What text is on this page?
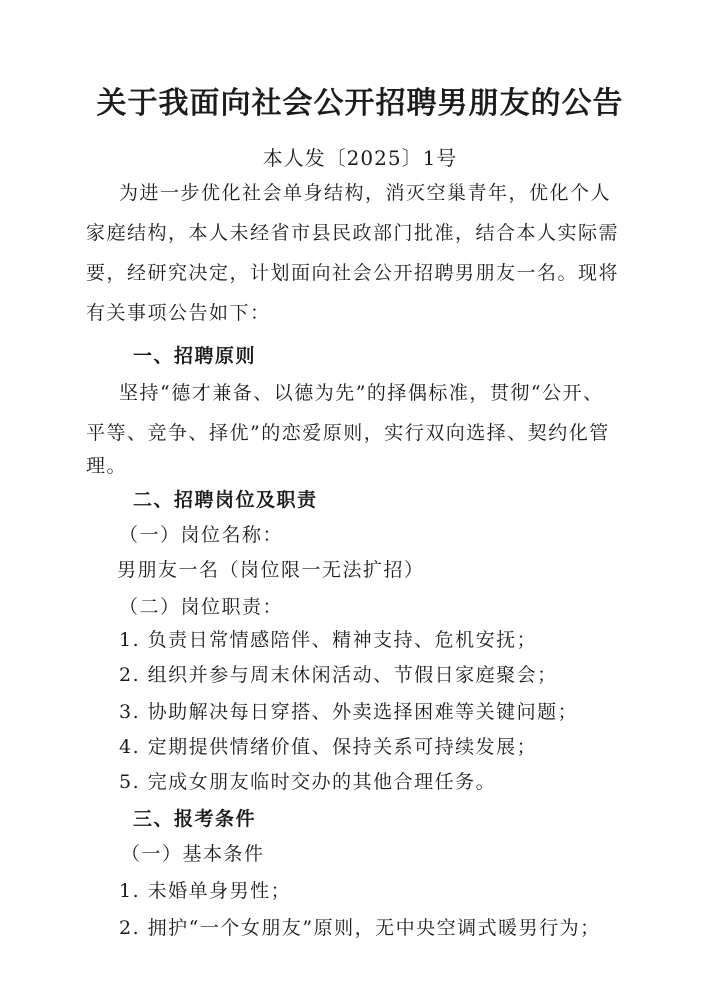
关于我面向社会公开招聘男朋友的公告
本人发〔2025〕1号
为进一步优化社会单身结构，消灭空巢青年，优化个人
家庭结构，本人未经省市县民政部门批准，结合本人实际需
要，经研究决定，计划面向社会公开招聘男朋友一名。现将
有关事项公告如下：
一、招聘原则
坚持“德才兼备、以德为先”的择偶标准，贯彻“公开、
平等、竞争、择优”的恋爱原则，实行双向选择、契约化管
理。
二、招聘岗位及职责
（一）岗位名称：
男朋友一名（岗位限一无法扩招）
（二）岗位职责：
1. 负责日常情感陪伴、精神支持、危机安抚；
2. 组织并参与周末休闲活动、节假日家庭聚会；
3. 协助解决每日穿搭、外卖选择困难等关键问题；
4. 定期提供情绪价值、保持关系可持续发展；
5. 完成女朋友临时交办的其他合理任务。
三、报考条件
（一）基本条件
1. 未婚单身男性；
2. 拥护“一个女朋友”原则，无中央空调式暖男行为；
